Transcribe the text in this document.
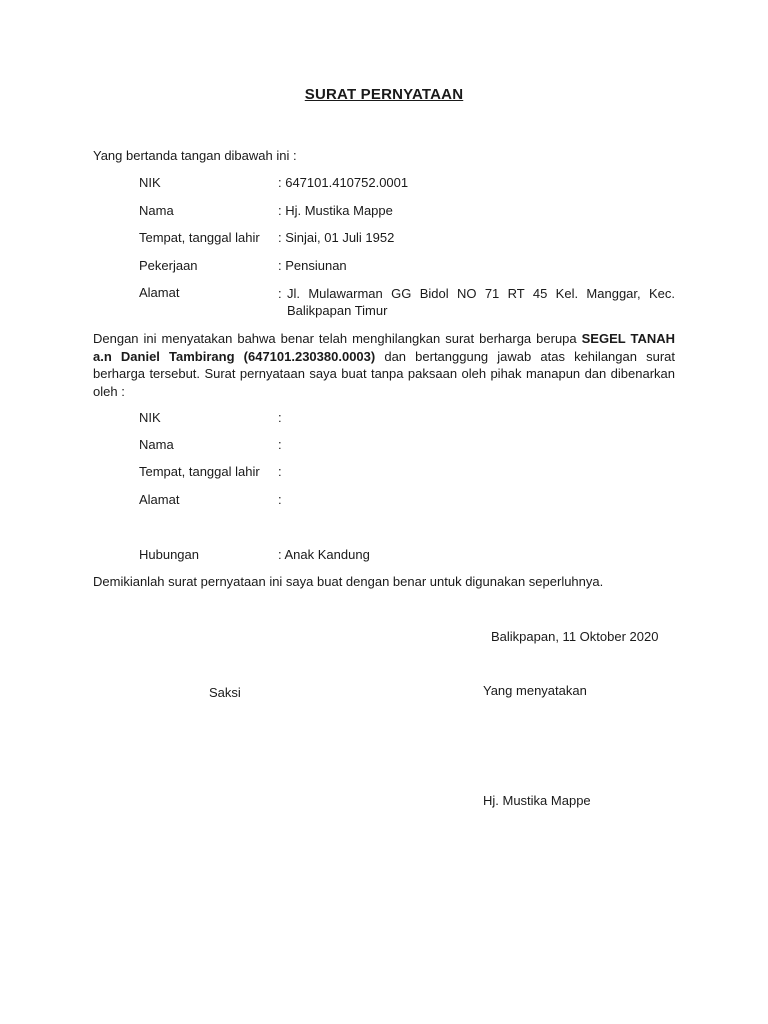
SURAT PERNYATAAN
Yang bertanda tangan dibawah ini :
NIK	: 647101.410752.0001
Nama	: Hj. Mustika Mappe
Tempat, tanggal lahir : Sinjai, 01 Juli 1952
Pekerjaan	: Pensiunan
Alamat	: Jl. Mulawarman GG Bidol NO 71 RT 45 Kel. Manggar, Kec. Balikpapan Timur
Dengan ini menyatakan bahwa benar telah menghilangkan surat berharga berupa SEGEL TANAH a.n Daniel Tambirang (647101.230380.0003) dan bertanggung jawab atas kehilangan surat berharga tersebut. Surat pernyataan saya buat tanpa paksaan oleh pihak manapun dan dibenarkan oleh :
NIK	:
Nama	:
Tempat, tanggal lahir :
Alamat	:
Hubungan	: Anak Kandung
Demikianlah surat pernyataan ini saya buat dengan benar untuk digunakan seperluhnya.
Balikpapan, 11 Oktober 2020
Saksi	Yang menyatakan
Hj. Mustika Mappe
